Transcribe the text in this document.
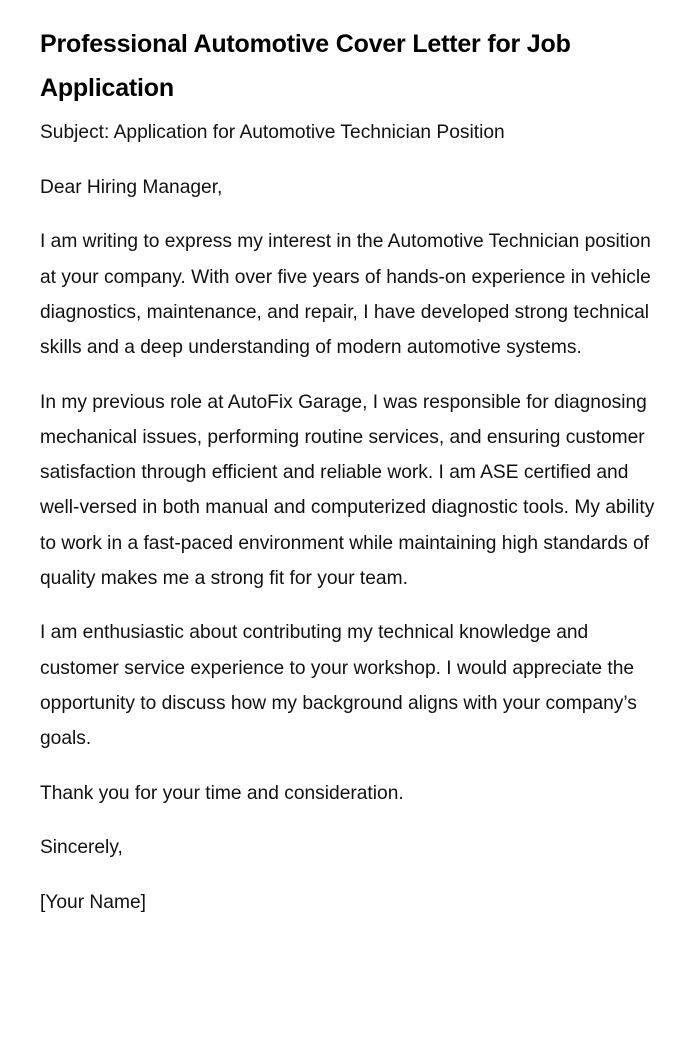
Professional Automotive Cover Letter for Job Application

Subject: Application for Automotive Technician Position

Dear Hiring Manager,

I am writing to express my interest in the Automotive Technician position at your company. With over five years of hands-on experience in vehicle diagnostics, maintenance, and repair, I have developed strong technical skills and a deep understanding of modern automotive systems.

In my previous role at AutoFix Garage, I was responsible for diagnosing mechanical issues, performing routine services, and ensuring customer satisfaction through efficient and reliable work. I am ASE certified and well-versed in both manual and computerized diagnostic tools. My ability to work in a fast-paced environment while maintaining high standards of quality makes me a strong fit for your team.

I am enthusiastic about contributing my technical knowledge and customer service experience to your workshop. I would appreciate the opportunity to discuss how my background aligns with your company’s goals.

Thank you for your time and consideration.

Sincerely,

[Your Name]
